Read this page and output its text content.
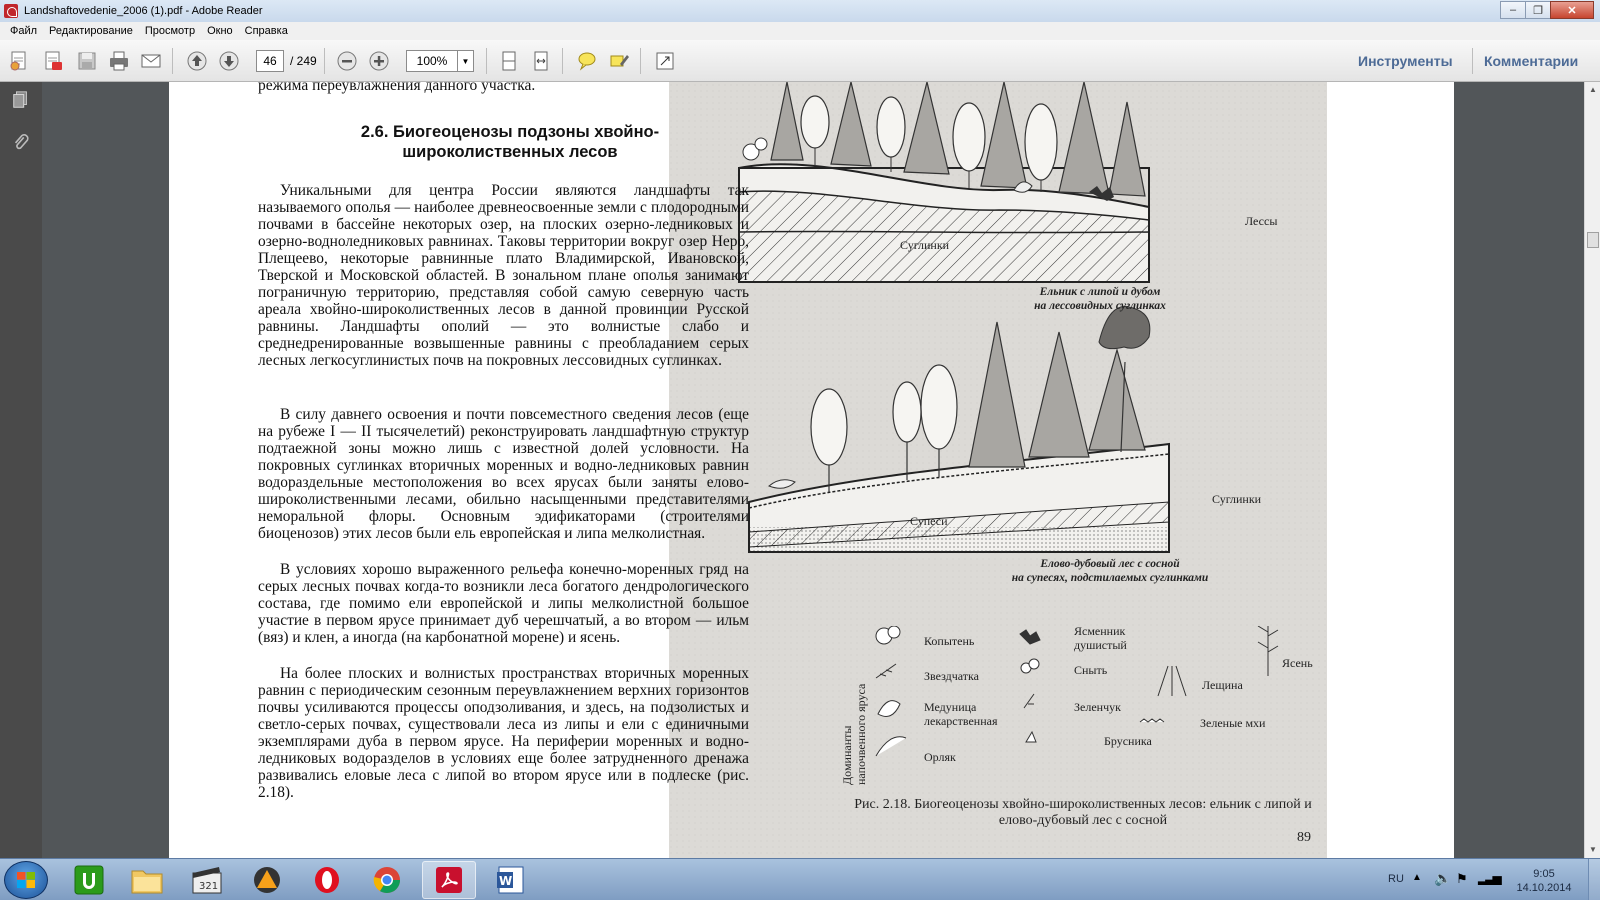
Landshaftovedenie_2006 (1).pdf - Adobe Reader	–	❐	✕
Файл	Редактирование	Просмотр	Окно	Справка
46
/ 249
100%	▼	Инструменты Комментарии
режима переувлажнения данного участка.
2.6. Биогеоценозы подзоны хвойно-широколиственных лесов

Уникальными для центра России являются ландшафты так называемого ополья — наиболее древнеосвоенные земли с плодородными почвами в бассейне некоторых озер, на плоских озерно-ледниковых и озерно-водноледниковых равнинах. Таковы территории вокруг озер Неро, Плещеево, некоторые равнинные плато Владимирской, Ивановской, Тверской и Московской областей. В зональном плане ополья занимают пограничную территорию, представляя собой самую северную часть ареала хвойно-широколиственных лесов в данной провинции Русской равнины. Ландшафты ополий — это волнистые слабо и среднедренированные возвышенные равнины с преобладанием серых лесных легкосуглинистых почв на покровных лессовидных суглинках.

В силу давнего освоения и почти повсеместного сведения лесов (еще на рубеже I — II тысячелетий) реконструировать ландшафтную структур подтаежной зоны можно лишь с известной долей условности. На покровных суглинках вторичных моренных и водно-ледниковых равнин водораздельные местоположения во всех ярусах были заняты елово-широколиственными лесами, обильно насыщенными представителями неморальной флоры. Основным эдификаторами (строителями биоценозов) этих лесов были ель европейская и липа мелколистная.

В условиях хорошо выраженного рельефа конечно-моренных гряд на серых лесных почвах когда-то возникли леса богатого дендрологического состава, где помимо ели европейской и липы мелколистной большое участие в первом ярусе принимает дуб черешчатый, а во втором — ильм (вяз) и клен, а иногда (на карбонатной морене) и ясень.

На более плоских и волнистых пространствах вторичных моренных равнин с периодическим сезонным переувлажнением верхних горизонтов почвы усиливаются процессы оподзоливания, и здесь, на подзолистых и светло-серых почвах, существовали леса из липы и ели с единичными экземплярами дуба в первом ярусе. На периферии моренных и водно-ледниковых водоразделов в условиях еще более затрудненного дренажа развивались еловые леса с липой во втором ярусе или в подлеске (рис. 2.18).

Суглинки
Лессы
Ельник с липой и дубом
на лессовидных суглинках
Супеси
Суглинки
Елово-дубовый лес с сосной
на супесях, подстилаемых суглинками
Доминанты напочвенного яруса
Копытень
Звездчатка
Медуница лекарственная
Орляк
Ясменник душистый
Сныть
Зеленчук
Брусника
Лещина
Зеленые мхи
Ясень
Рис. 2.18. Биогеоценозы хвойно-широколиственных лесов: ельник с липой и елово-дубовый лес с сосной
89
▲
▼
321	W	RU ▲ 🔈 ⚑ ▂▃▅	9:05
14.10.2014
